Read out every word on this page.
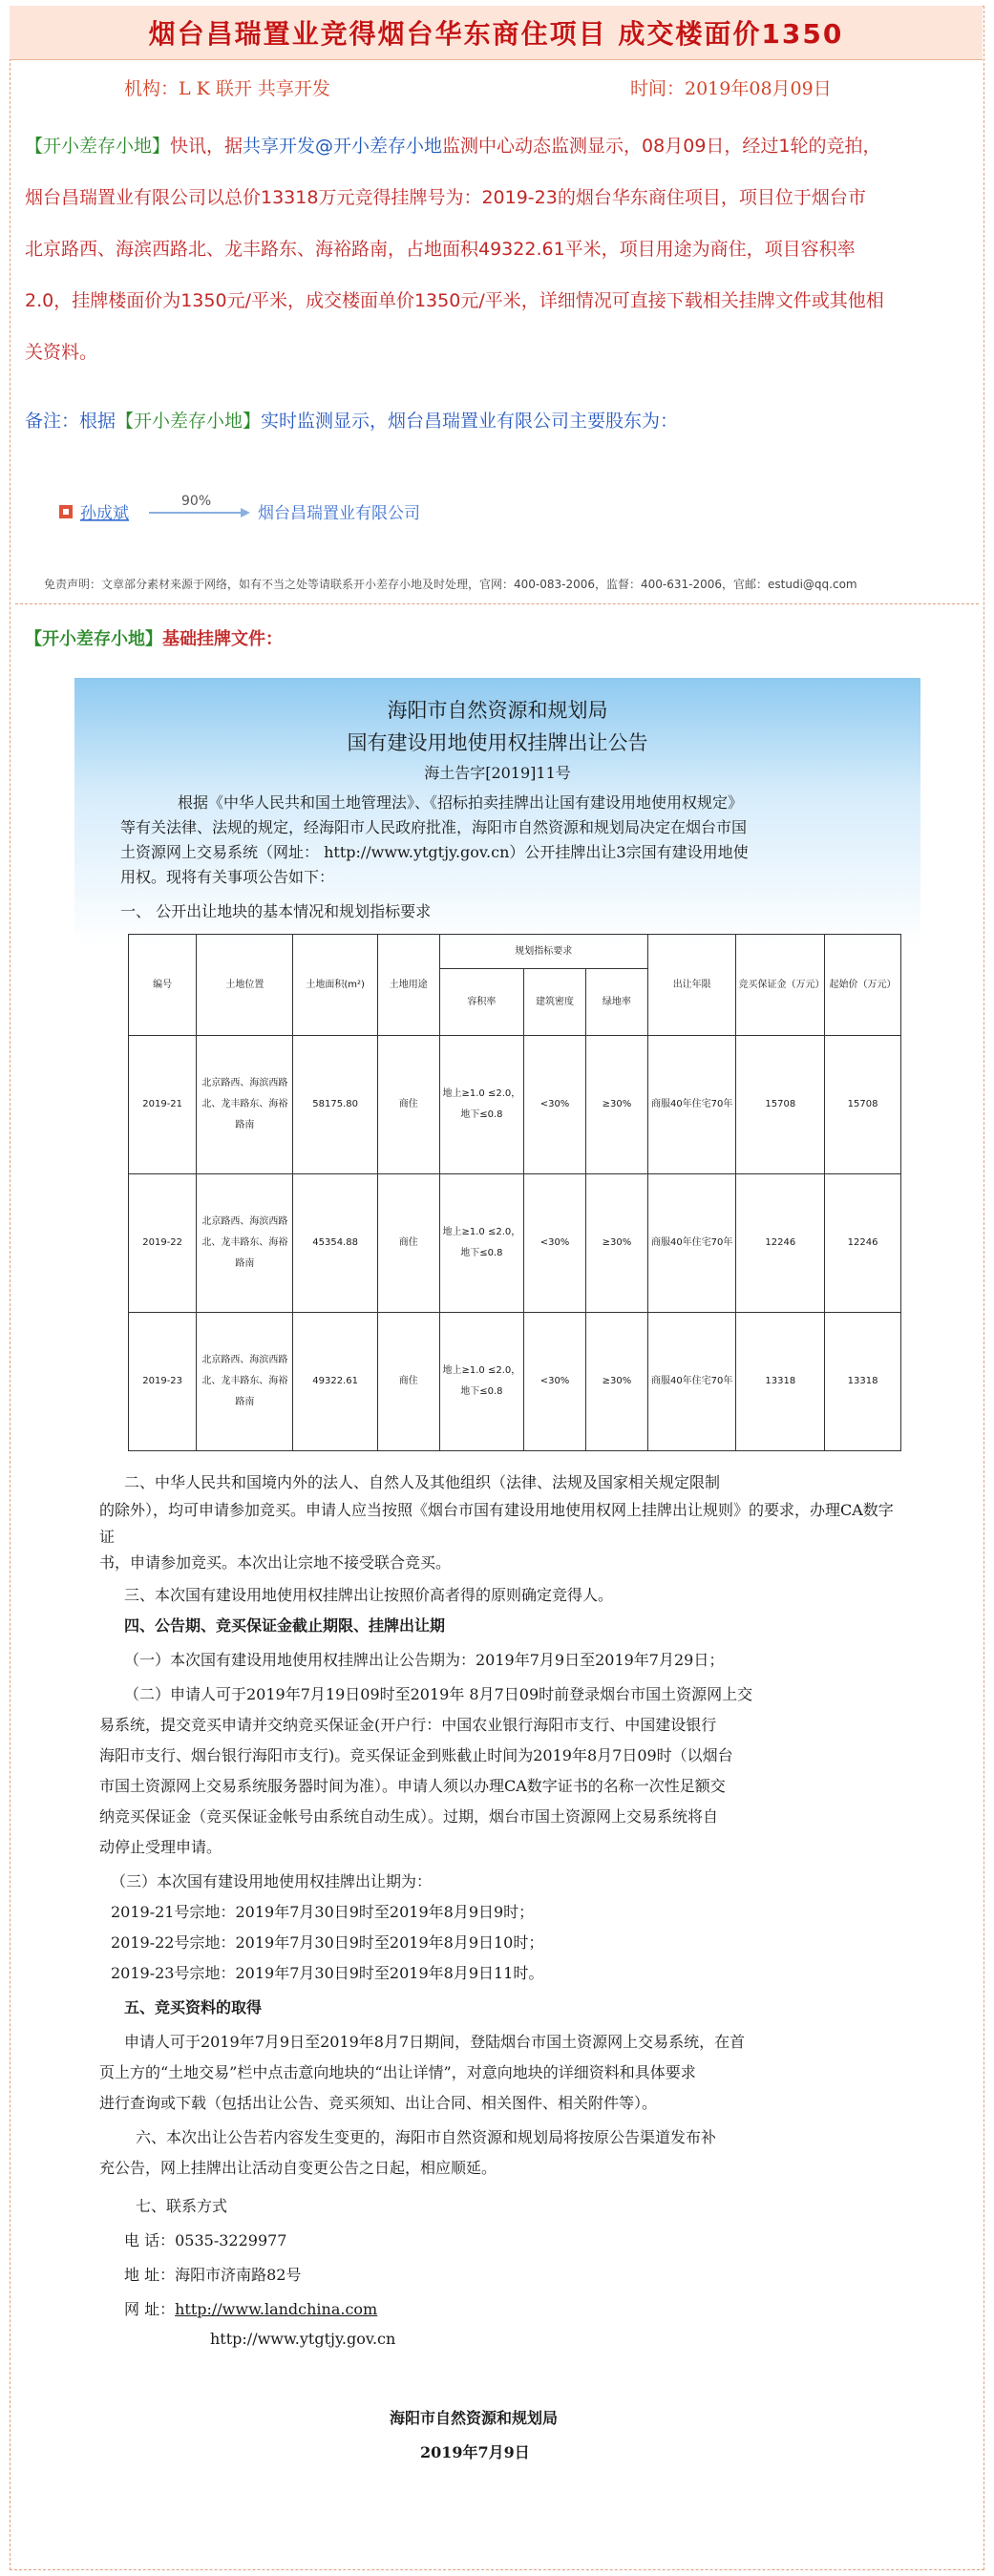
烟台昌瑞置业竞得烟台华东商住项目 成交楼面价1350
机构：L K 联开 共享开发	时间：2019年08月09日
【开小差存小地】快讯，据共享开发@开小差存小地监测中心动态监测显示，08月09日，经过1轮的竞拍，
烟台昌瑞置业有限公司以总价13318万元竞得挂牌号为：2019-23的烟台华东商住项目，项目位于烟台市
北京路西、海滨西路北、龙丰路东、海裕路南，占地面积49322.61平米，项目用途为商住，项目容积率
2.0，挂牌楼面价为1350元/平米，成交楼面单价1350元/平米，详细情况可直接下载相关挂牌文件或其他相
关资料。
备注：根据【开小差存小地】实时监测显示，烟台昌瑞置业有限公司主要股东为：
孙成斌
90%
烟台昌瑞置业有限公司
免责声明：文章部分素材来源于网络，如有不当之处等请联系开小差存小地及时处理，官网：400-083-2006，监督：400-631-2006，官邮：estudi@qq.com
【开小差存小地】基础挂牌文件：
海阳市自然资源和规划局
国有建设用地使用权挂牌出让公告
海土告字[2019]11号
根据《中华人民共和国土地管理法》、《招标拍卖挂牌出让国有建设用地使用权规定》
等有关法律、法规的规定，经海阳市人民政府批准，海阳市自然资源和规划局决定在烟台市国
土资源网上交易系统（网址： http://www.ytgtjy.gov.cn）公开挂牌出让3宗国有建设用地使
用权。现将有关事项公告如下：
一、 公开出让地块的基本情况和规划指标要求
编号	土地位置	土地面积(m²)	土地用途	规划指标要求			出让年限	竞买保证金（万元）	起始价（万元）
				容积率	建筑密度	绿地率			
2019-21	北京路西、海滨西路北、龙丰路东、海裕路南	58175.80	商住	地上≥1.0 ≤2.0，地下≤0.8	<30%	≥30%	商服40年住宅70年	15708	15708
2019-22	北京路西、海滨西路北、龙丰路东、海裕路南	45354.88	商住	地上≥1.0 ≤2.0，地下≤0.8	<30%	≥30%	商服40年住宅70年	12246	12246
2019-23	北京路西、海滨西路北、龙丰路东、海裕路南	49322.61	商住	地上≥1.0 ≤2.0，地下≤0.8	<30%	≥30%	商服40年住宅70年	13318	13318
二、中华人民共和国境内外的法人、自然人及其他组织（法律、法规及国家相关规定限制
的除外），均可申请参加竞买。申请人应当按照《烟台市国有建设用地使用权网上挂牌出让规则》的要求，办理CA数字证
书，申请参加竞买。本次出让宗地不接受联合竞买。
三、本次国有建设用地使用权挂牌出让按照价高者得的原则确定竞得人。
四、公告期、竞买保证金截止期限、挂牌出让期
（一）本次国有建设用地使用权挂牌出让公告期为：2019年7月9日至2019年7月29日；
（二）申请人可于2019年7月19日09时至2019年 8月7日09时前登录烟台市国土资源网上交
易系统，提交竞买申请并交纳竞买保证金(开户行：中国农业银行海阳市支行、中国建设银行
海阳市支行、烟台银行海阳市支行)。竞买保证金到账截止时间为2019年8月7日09时（以烟台
市国土资源网上交易系统服务器时间为准）。申请人须以办理CA数字证书的名称一次性足额交
纳竞买保证金（竞买保证金帐号由系统自动生成）。过期，烟台市国土资源网上交易系统将自
动停止受理申请。
（三）本次国有建设用地使用权挂牌出让期为：
2019-21号宗地：2019年7月30日9时至2019年8月9日9时；
2019-22号宗地：2019年7月30日9时至2019年8月9日10时；
2019-23号宗地：2019年7月30日9时至2019年8月9日11时。
五、竞买资料的取得
申请人可于2019年7月9日至2019年8月7日期间，登陆烟台市国土资源网上交易系统，在首
页上方的“土地交易”栏中点击意向地块的“出让详情”，对意向地块的详细资料和具体要求
进行查询或下载（包括出让公告、竞买须知、出让合同、相关图件、相关附件等）。
六、本次出让公告若内容发生变更的，海阳市自然资源和规划局将按原公告渠道发布补
充公告，网上挂牌出让活动自变更公告之日起，相应顺延。
七、联系方式
电 话：0535-3229977
地 址：海阳市济南路82号
网 址：http://www.landchina.com
http://www.ytgtjy.gov.cn
海阳市自然资源和规划局
2019年7月9日
